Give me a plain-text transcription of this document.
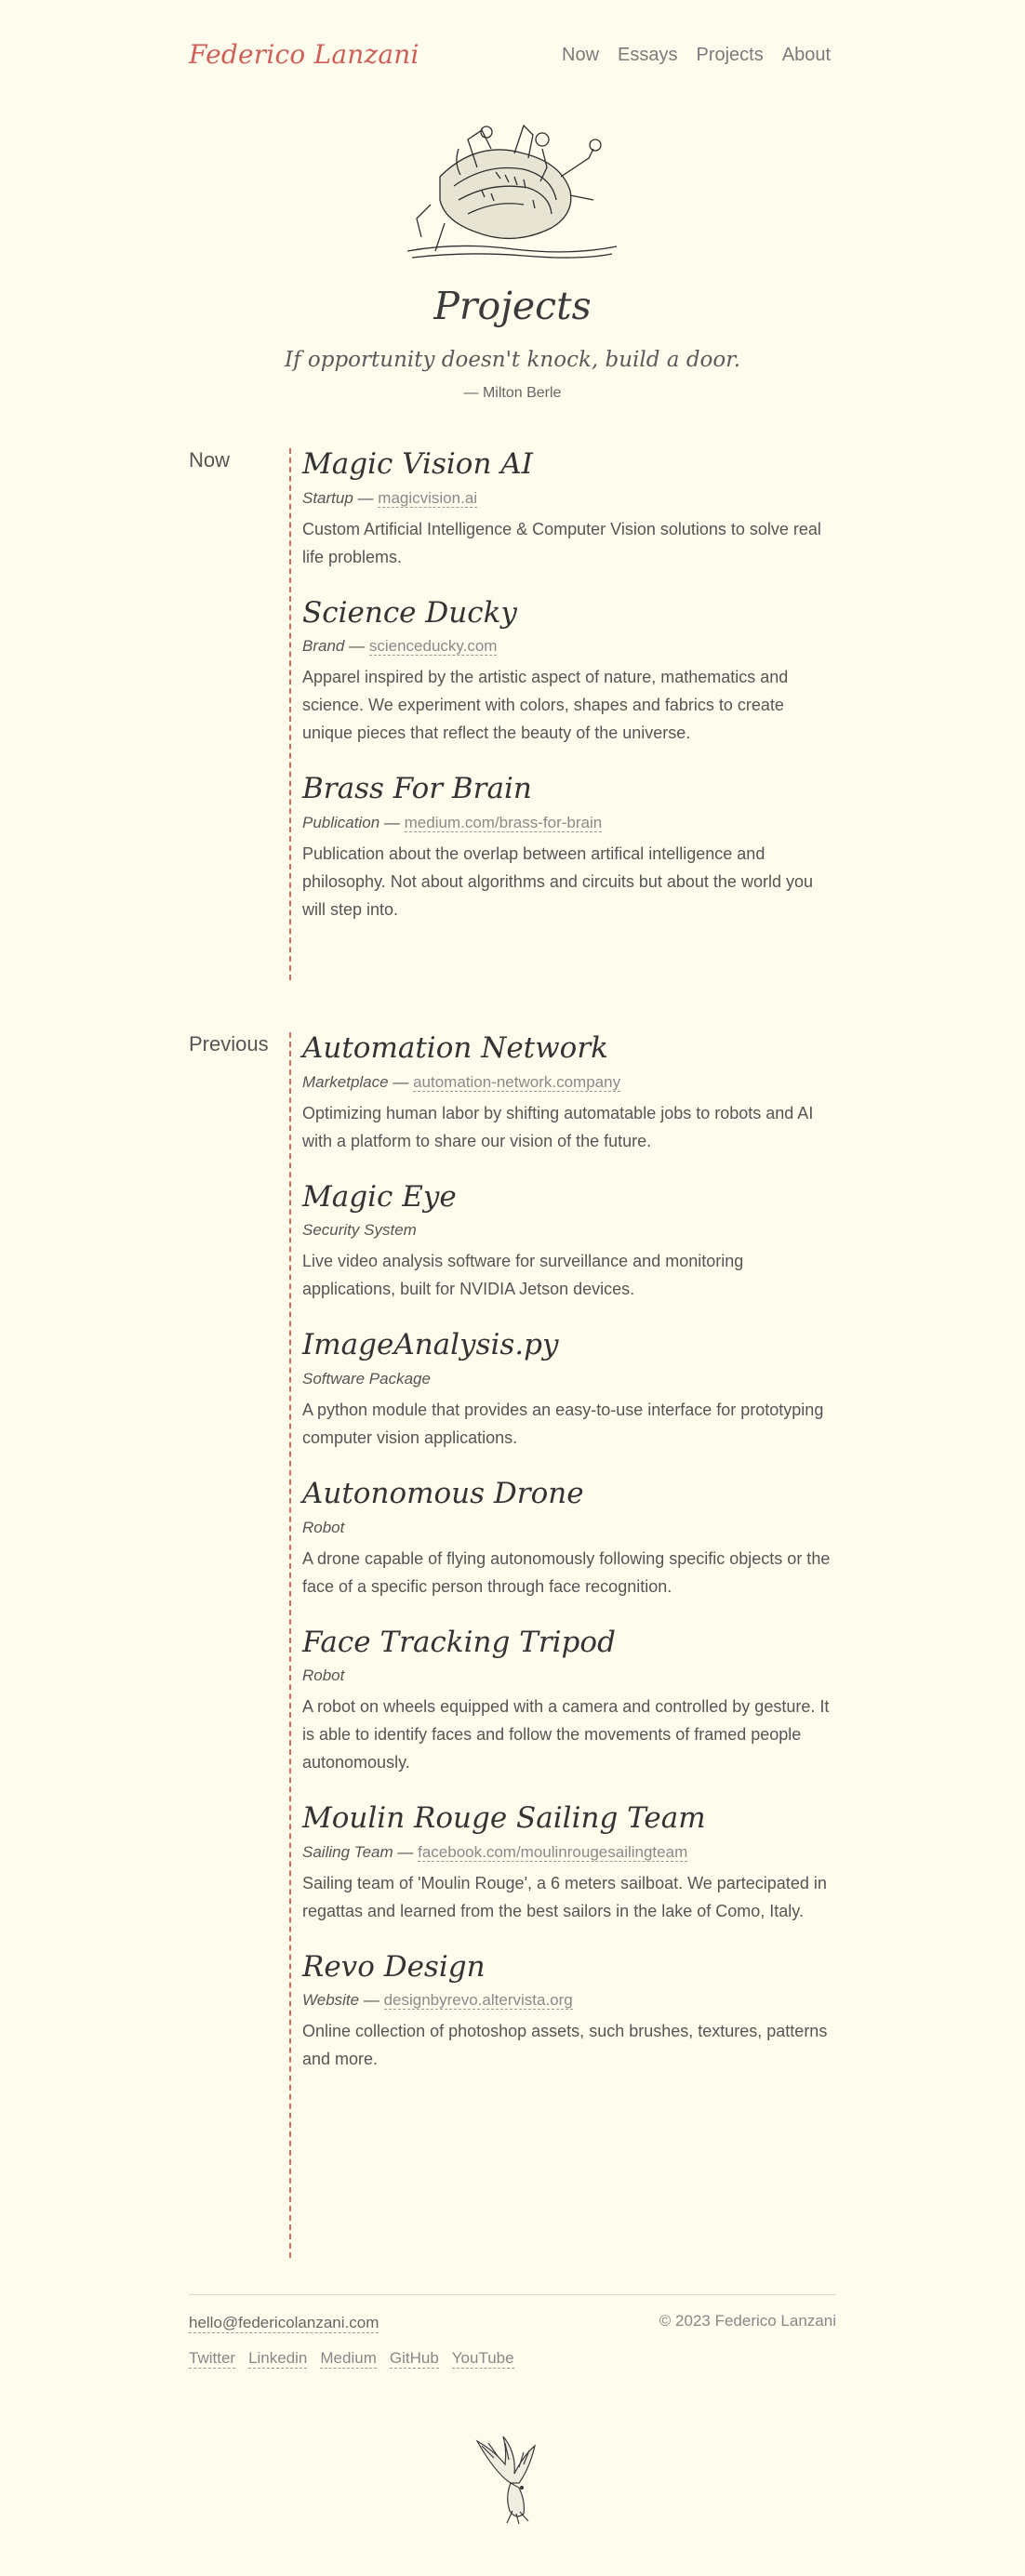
Federico Lanzani	Now Essays Projects About
Projects
If opportunity doesn't knock, build a door.
— Milton Berle
Now	Magic Vision AI
Startup — magicvision.ai

Custom Artificial Intelligence & Computer Vision solutions to solve real life problems.

Science Ducky
Brand — scienceducky.com

Apparel inspired by the artistic aspect of nature, mathematics and science. We experiment with colors, shapes and fabrics to create unique pieces that reflect the beauty of the universe.

Brass For Brain
Publication — medium.com/brass-for-brain

Publication about the overlap between artifical intelligence and philosophy. Not about algorithms and circuits but about the world you will step into.

Previous Automation Network
Marketplace — automation-network.company

Optimizing human labor by shifting automatable jobs to robots and AI with a platform to share our vision of the future.

Magic Eye
Security System

Live video analysis software for surveillance and monitoring applications, built for NVIDIA Jetson devices.

ImageAnalysis.py
Software Package

A python module that provides an easy-to-use interface for prototyping computer vision applications.

Autonomous Drone
Robot

A drone capable of flying autonomously following specific objects or the face of a specific person through face recognition.

Face Tracking Tripod
Robot

A robot on wheels equipped with a camera and controlled by gesture. It is able to identify faces and follow the movements of framed people autonomously.

Moulin Rouge Sailing Team
Sailing Team — facebook.com/moulinrougesailingteam

Sailing team of 'Moulin Rouge', a 6 meters sailboat. We partecipated in regattas and learned from the best sailors in the lake of Como, Italy.

Revo Design
Website — designbyrevo.altervista.org

Online collection of photoshop assets, such brushes, textures, patterns and more.

hello@federicolanzani.com	© 2023 Federico Lanzani
Twitter Linkedin Medium GitHub YouTube
